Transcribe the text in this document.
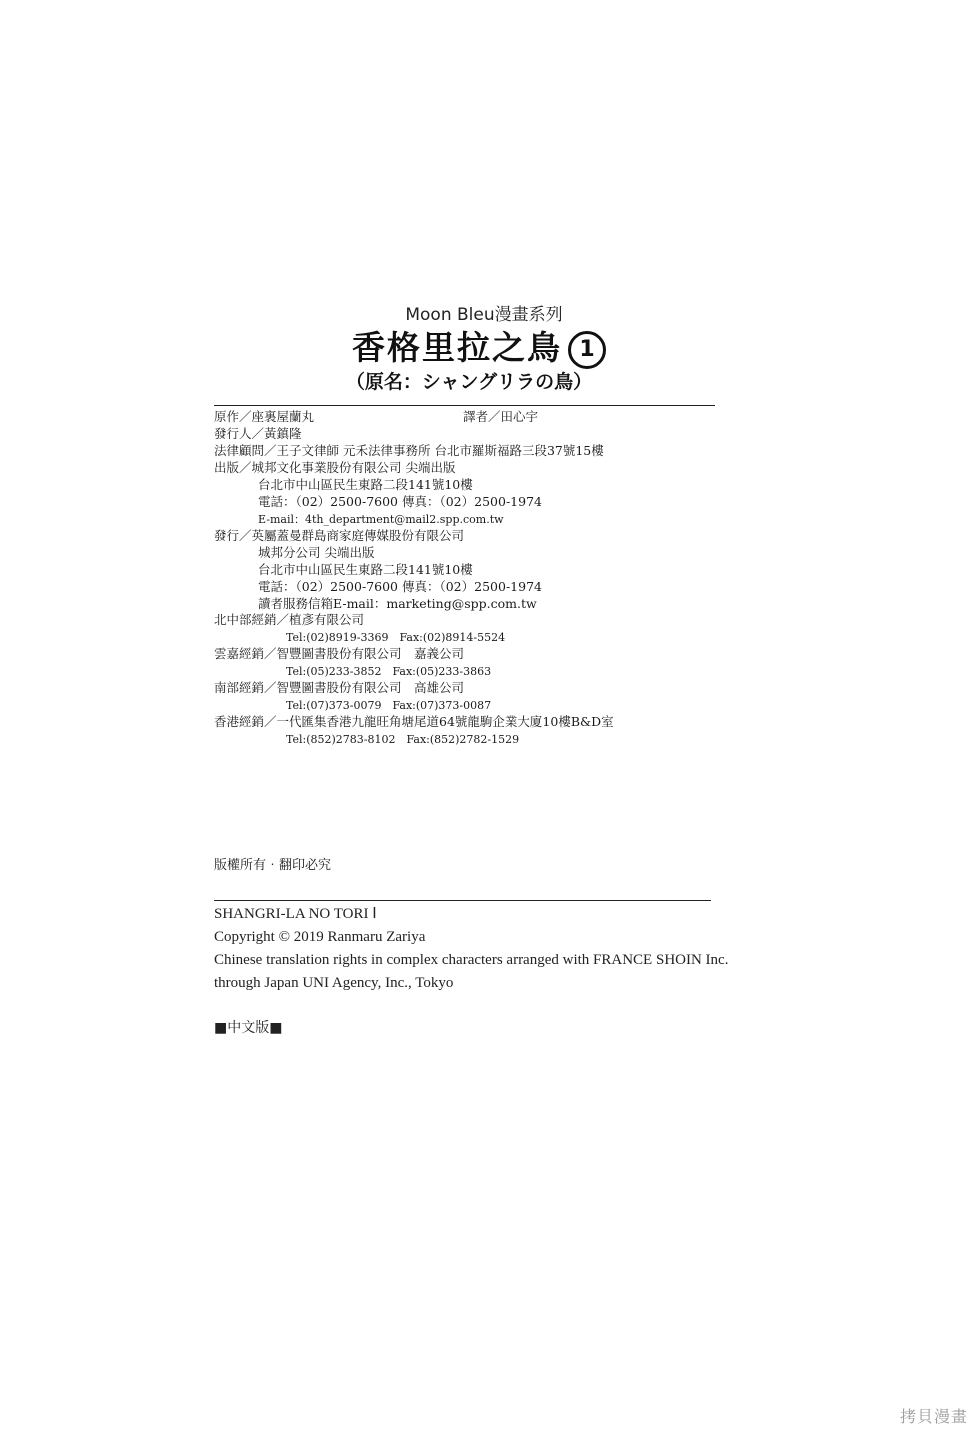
Moon Bleu漫畫系列
香格里拉之鳥 1
（原名：シャングリラの鳥）
原作／座裏屋蘭丸	譯者／田心宇
發行人／黃鎮隆
法律顧問／王子文律師 元禾法律事務所 台北市羅斯福路三段37號15樓
出版／城邦文化事業股份有限公司 尖端出版
台北市中山區民生東路二段141號10樓
電話：（02）2500-7600 傳真：（02）2500-1974
E-mail：4th_department@mail2.spp.com.tw
發行／英屬蓋曼群島商家庭傳媒股份有限公司
城邦分公司 尖端出版
台北市中山區民生東路二段141號10樓
電話：（02）2500-7600 傳真：（02）2500-1974
讀者服務信箱E-mail：marketing@spp.com.tw
北中部經銷／植彥有限公司
Tel:(02)8919-3369　Fax:(02)8914-5524
雲嘉經銷／智豐圖書股份有限公司　嘉義公司
Tel:(05)233-3852　Fax:(05)233-3863
南部經銷／智豐圖書股份有限公司　高雄公司
Tel:(07)373-0079　Fax:(07)373-0087
香港經銷／一代匯集香港九龍旺角塘尾道64號龍駒企業大廈10樓B&D室
Tel:(852)2783-8102　Fax:(852)2782-1529
版權所有‧翻印必究
SHANGRI-LA NO TORI Ⅰ
Copyright © 2019 Ranmaru Zariya
Chinese translation rights in complex characters arranged with FRANCE SHOIN Inc.
through Japan UNI Agency, Inc., Tokyo
■中文版■
拷貝漫畫
